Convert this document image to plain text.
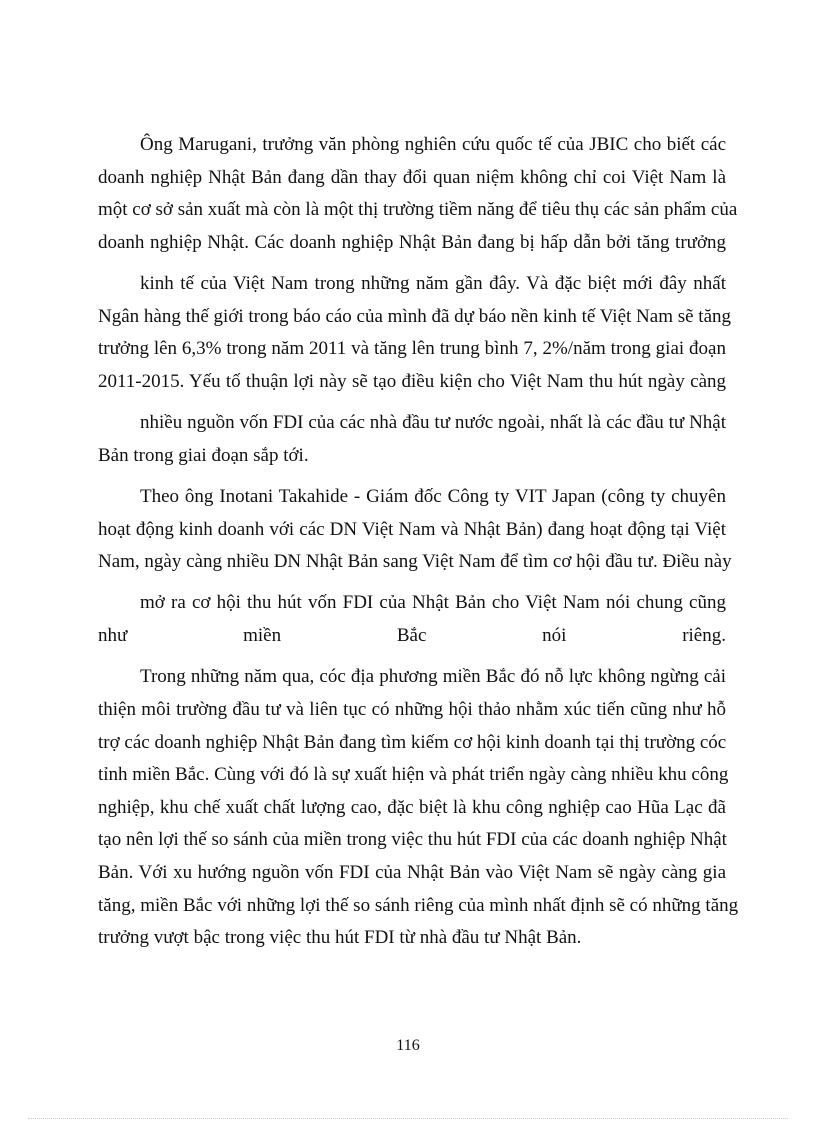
Ông Marugani, trưởng văn phòng nghiên cứu quốc tế của JBIC cho biết các
doanh nghiệp Nhật Bản đang dần thay đổi quan niệm không chỉ coi Việt Nam là
một cơ sở sản xuất mà còn là một thị trường tiềm năng để tiêu thụ các sản phẩm của
doanh nghiệp Nhật. Các doanh nghiệp Nhật Bản đang bị hấp dẫn bởi tăng trưởng
kinh tế của Việt Nam trong những năm gần đây. Và đặc biệt mới đây nhất
Ngân hàng thế giới trong báo cáo của mình đã dự báo nền kinh tế Việt Nam sẽ tăng
trưởng lên 6,3% trong năm 2011 và tăng lên trung bình 7, 2%/năm trong giai đoạn
2011-2015. Yếu tố thuận lợi này sẽ tạo điều kiện cho Việt Nam thu hút ngày càng
nhiều nguồn vốn FDI của các nhà đầu tư nước ngoài, nhất là các đầu tư Nhật
Bản trong giai đoạn sắp tới.
Theo ông Inotani Takahide - Giám đốc Công ty VIT Japan (công ty chuyên
hoạt động kinh doanh với các DN Việt Nam và Nhật Bản) đang hoạt động tại Việt
Nam, ngày càng nhiều DN Nhật Bản sang Việt Nam để tìm cơ hội đầu tư. Điều này
mở ra cơ hội thu hút vốn FDI của Nhật Bản cho Việt Nam nói chung cũng
như	miền	Bắc	nói	riêng.
Trong những năm qua, cóc địa phương miền Bắc đó nỗ lực không ngừng cải
thiện môi trường đầu tư và liên tục có những hội thảo nhằm xúc tiến cũng như hỗ
trợ các doanh nghiệp Nhật Bản đang tìm kiếm cơ hội kinh doanh tại thị trường cóc
tỉnh miền Bắc. Cùng với đó là sự xuất hiện và phát triển ngày càng nhiều khu công
nghiệp, khu chế xuất chất lượng cao, đặc biệt là khu công nghiệp cao Hũa Lạc đã
tạo nên lợi thế so sánh của miền trong việc thu hút FDI của các doanh nghiệp Nhật
Bản. Với xu hướng nguồn vốn FDI của Nhật Bản vào Việt Nam sẽ ngày càng gia
tăng, miền Bắc với những lợi thế so sánh riêng của mình nhất định sẽ có những tăng
trưởng vượt bậc trong việc thu hút FDI từ nhà đầu tư Nhật Bản.
116
